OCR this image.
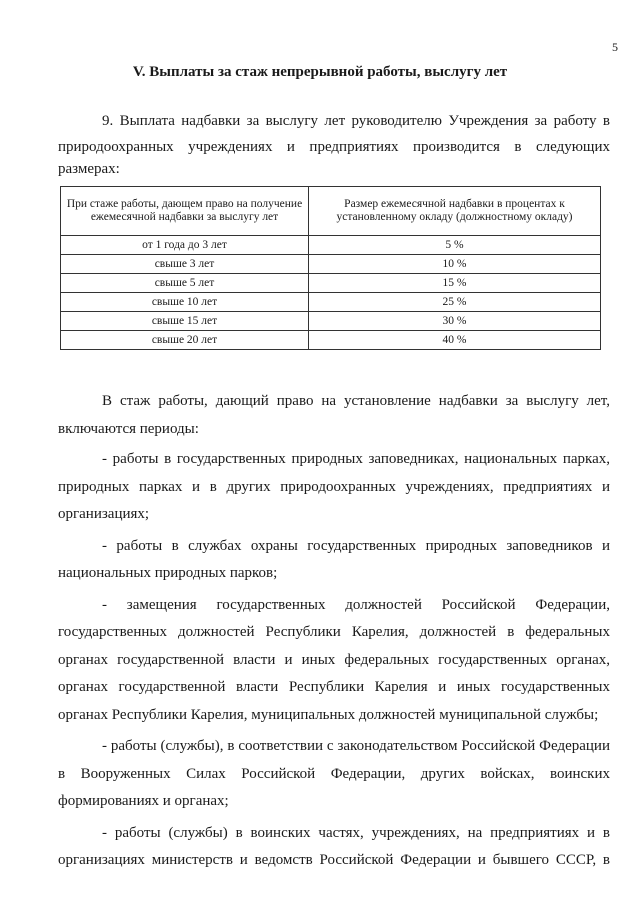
5
V. Выплаты за стаж непрерывной работы, выслугу лет

9. Выплата надбавки за выслугу лет руководителю Учреждения за работу в

природоохранных учреждениях и предприятиях производится в следующих

размерах:

При стаже работы, дающем право на получение ежемесячной надбавки за выслугу лет	Размер ежемесячной надбавки в процентах к установленному окладу (должностному окладу)
от 1 года до 3 лет	5 %
свыше 3 лет	10 %
свыше 5 лет	15 %
свыше 10 лет	25 %
свыше 15 лет	30 %
свыше 20 лет	40 %

В стаж работы, дающий право на установление надбавки за выслугу лет,

включаются периоды:

- работы в государственных природных заповедниках, национальных парках,

природных парках и в других природоохранных учреждениях, предприятиях и

организациях;

- работы в службах охраны государственных природных заповедников и

национальных природных парков;

- замещения государственных должностей Российской Федерации,

государственных должностей Республики Карелия, должностей в федеральных

органах государственной власти и иных федеральных государственных органах,

органах государственной власти Республики Карелия и иных государственных

органах Республики Карелия, муниципальных должностей муниципальной службы;

- работы (службы), в соответствии с законодательством Российской Федерации

в Вооруженных Силах Российской Федерации, других войсках, воинских

формированиях и органах;

- работы (службы) в воинских частях, учреждениях, на предприятиях и в

организациях министерств и ведомств Российской Федерации и бывшего СССР, в
